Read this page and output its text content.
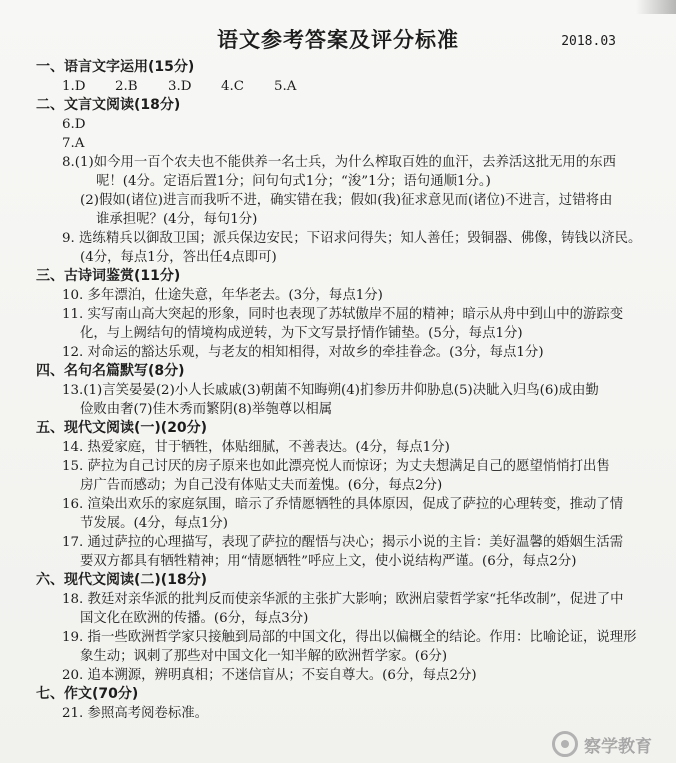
语文参考答案及评分标准	2018.03
一、语言文字运用(15分)
1.D 2.B 3.D 4.C 5.A
二、文言文阅读(18分)
6.D
7.A
8.(1)如今用一百个农夫也不能供养一名士兵，为什么榨取百姓的血汗，去养活这批无用的东西
呢！(4分。定语后置1分；问句句式1分；“浚”1分；语句通顺1分。)
(2)假如(诸位)进言而我听不进，确实错在我；假如(我)征求意见而(诸位)不进言，过错将由
谁承担呢？(4分，每句1分)
9. 选练精兵以御敌卫国；派兵保边安民；下诏求问得失；知人善任；毁铜器、佛像，铸钱以济民。
(4分，每点1分，答出任4点即可)
三、古诗词鉴赏(11分)
10. 多年漂泊，仕途失意，年华老去。(3分，每点1分)
11. 实写南山高大突起的形象，同时也表现了苏轼傲岸不屈的精神；暗示从舟中到山中的游踪变
化，与上阙结句的情境构成逆转，为下文写景抒情作铺垫。(5分，每点1分)
12. 对命运的豁达乐观，与老友的相知相得，对故乡的牵挂眷念。(3分，每点1分)
四、名句名篇默写(8分)
13.(1)言笑晏晏(2)小人长戚戚(3)朝菌不知晦朔(4)扪参历井仰胁息(5)决眦入归鸟(6)成由勤
俭败由奢(7)佳木秀而繁阴(8)举匏尊以相属
五、现代文阅读(一)(20分)
14. 热爱家庭，甘于牺牲，体贴细腻，不善表达。(4分，每点1分)
15. 萨拉为自己讨厌的房子原来也如此漂亮悦人而惊讶；为丈夫想满足自己的愿望悄悄打出售
房广告而感动；为自己没有体贴丈夫而羞愧。(6分，每点2分)
16. 渲染出欢乐的家庭氛围，暗示了乔情愿牺牲的具体原因，促成了萨拉的心理转变，推动了情
节发展。(4分，每点1分)
17. 通过萨拉的心理描写，表现了萨拉的醒悟与决心；揭示小说的主旨：美好温馨的婚姻生活需
要双方都具有牺牲精神；用“情愿牺牲”呼应上文，使小说结构严谨。(6分，每点2分)
六、现代文阅读(二)(18分)
18. 教廷对亲华派的批判反而使亲华派的主张扩大影响；欧洲启蒙哲学家“托华改制”，促进了中
国文化在欧洲的传播。(6分，每点3分)
19. 指一些欧洲哲学家只接触到局部的中国文化，得出以偏概全的结论。作用：比喻论证，说理形
象生动；讽刺了那些对中国文化一知半解的欧洲哲学家。(6分)
20. 追本溯源，辨明真相；不迷信盲从；不妄自尊大。(6分，每点2分)
七、作文(70分)
21. 参照高考阅卷标准。
察学教育
